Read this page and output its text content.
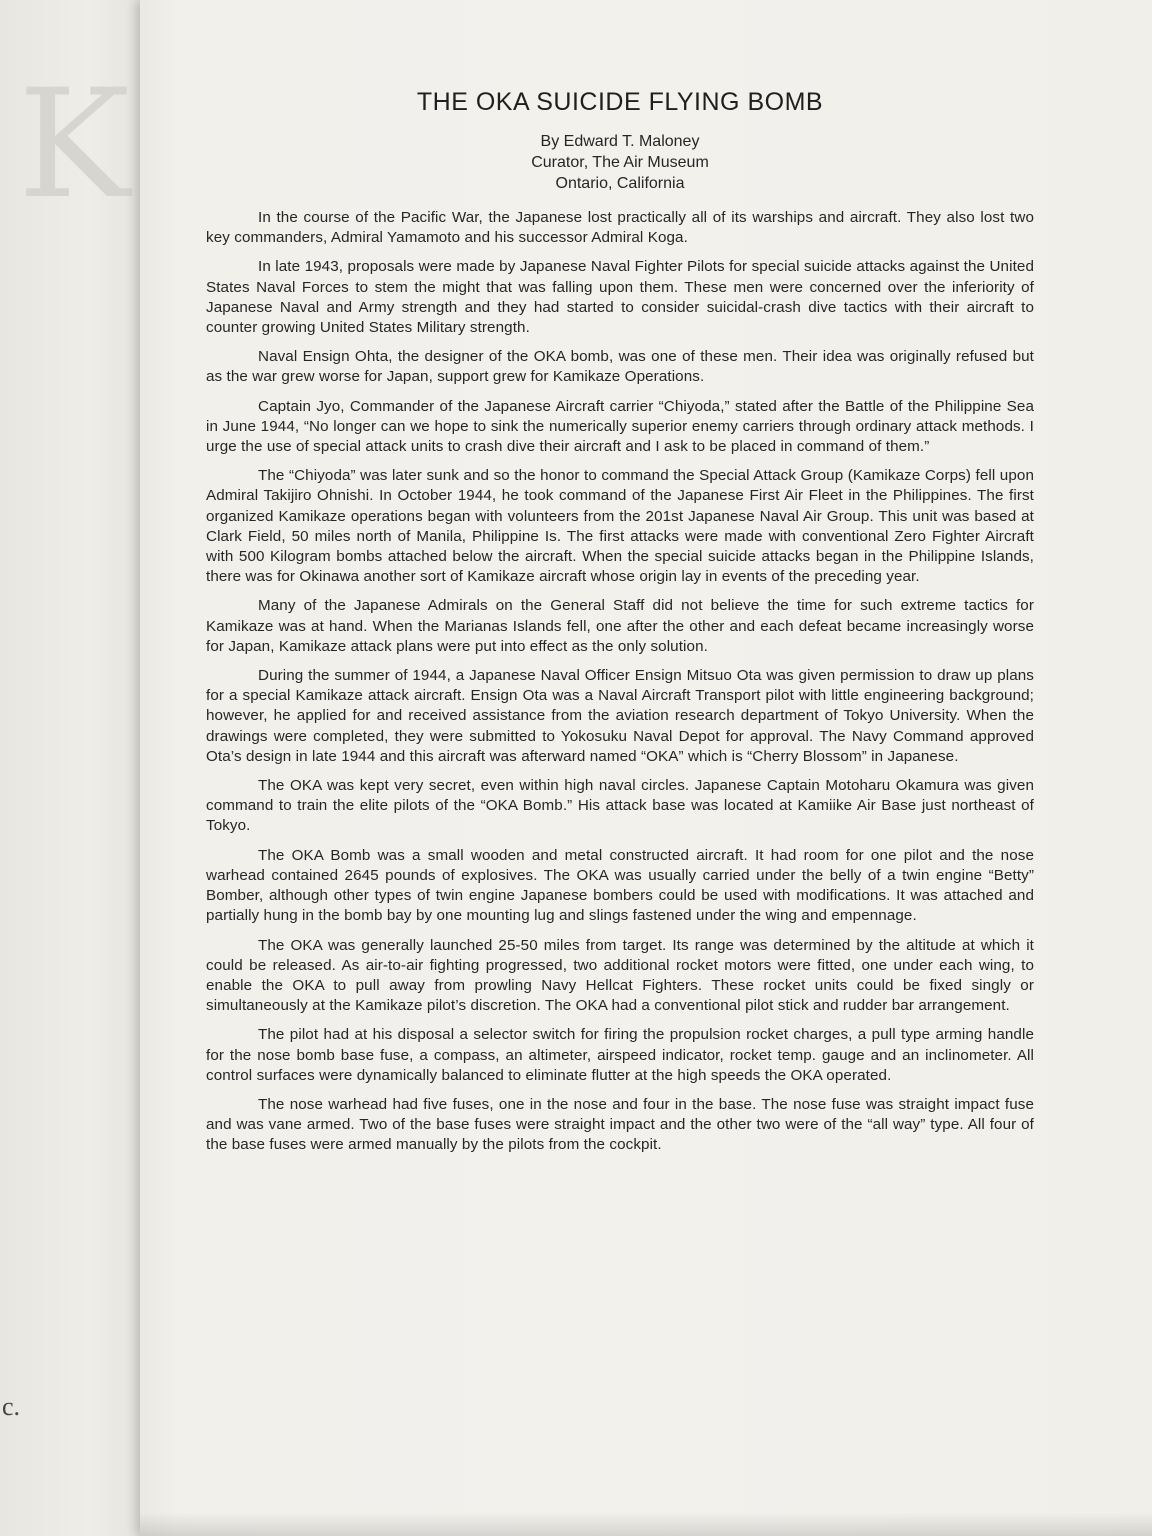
K
c.
THE OKA SUICIDE FLYING BOMB
By Edward T. Maloney
Curator, The Air Museum
Ontario, California

In the course of the Pacific War, the Japanese lost practically all of its warships and aircraft. They also lost two key commanders, Admiral Yamamoto and his successor Admiral Koga.

In late 1943, proposals were made by Japanese Naval Fighter Pilots for special suicide attacks against the United States Naval Forces to stem the might that was falling upon them. These men were concerned over the inferiority of Japanese Naval and Army strength and they had started to consider suicidal-crash dive tactics with their aircraft to counter growing United States Military strength.

Naval Ensign Ohta, the designer of the OKA bomb, was one of these men. Their idea was originally refused but as the war grew worse for Japan, support grew for Kamikaze Operations.

Captain Jyo, Commander of the Japanese Aircraft carrier “Chiyoda,” stated after the Battle of the Philippine Sea in June 1944, “No longer can we hope to sink the numerically superior enemy carriers through ordinary attack methods. I urge the use of special attack units to crash dive their aircraft and I ask to be placed in command of them.”

The “Chiyoda” was later sunk and so the honor to command the Special Attack Group (Kamikaze Corps) fell upon Admiral Takijiro Ohnishi. In October 1944, he took command of the Japanese First Air Fleet in the Philippines. The first organized Kamikaze operations began with volunteers from the 201st Japanese Naval Air Group. This unit was based at Clark Field, 50 miles north of Manila, Philippine Is. The first attacks were made with conventional Zero Fighter Aircraft with 500 Kilogram bombs attached below the aircraft. When the special suicide attacks began in the Philippine Islands, there was for Okinawa another sort of Kamikaze aircraft whose origin lay in events of the preceding year.

Many of the Japanese Admirals on the General Staff did not believe the time for such extreme tactics for Kamikaze was at hand. When the Marianas Islands fell, one after the other and each defeat became increasingly worse for Japan, Kamikaze attack plans were put into effect as the only solution.

During the summer of 1944, a Japanese Naval Officer Ensign Mitsuo Ota was given permission to draw up plans for a special Kamikaze attack aircraft. Ensign Ota was a Naval Aircraft Transport pilot with little engineering background; however, he applied for and received assistance from the aviation research department of Tokyo University. When the drawings were completed, they were submitted to Yokosuku Naval Depot for approval. The Navy Command approved Ota’s design in late 1944 and this aircraft was afterward named “OKA” which is “Cherry Blossom” in Japanese.

The OKA was kept very secret, even within high naval circles. Japanese Captain Motoharu Okamura was given command to train the elite pilots of the “OKA Bomb.” His attack base was located at Kamiike Air Base just northeast of Tokyo.

The OKA Bomb was a small wooden and metal constructed aircraft. It had room for one pilot and the nose warhead contained 2645 pounds of explosives. The OKA was usually carried under the belly of a twin engine “Betty” Bomber, although other types of twin engine Japanese bombers could be used with modifications. It was attached and partially hung in the bomb bay by one mounting lug and slings fastened under the wing and empennage.

The OKA was generally launched 25-50 miles from target. Its range was determined by the altitude at which it could be released. As air-to-air fighting progressed, two additional rocket motors were fitted, one under each wing, to enable the OKA to pull away from prowling Navy Hellcat Fighters. These rocket units could be fixed singly or simultaneously at the Kamikaze pilot’s discretion. The OKA had a conventional pilot stick and rudder bar arrangement.

The pilot had at his disposal a selector switch for firing the propulsion rocket charges, a pull type arming handle for the nose bomb base fuse, a compass, an altimeter, airspeed indicator, rocket temp. gauge and an inclinometer. All control surfaces were dynamically balanced to eliminate flutter at the high speeds the OKA operated.

The nose warhead had five fuses, one in the nose and four in the base. The nose fuse was straight impact fuse and was vane armed. Two of the base fuses were straight impact and the other two were of the “all way” type. All four of the base fuses were armed manually by the pilots from the cockpit.
